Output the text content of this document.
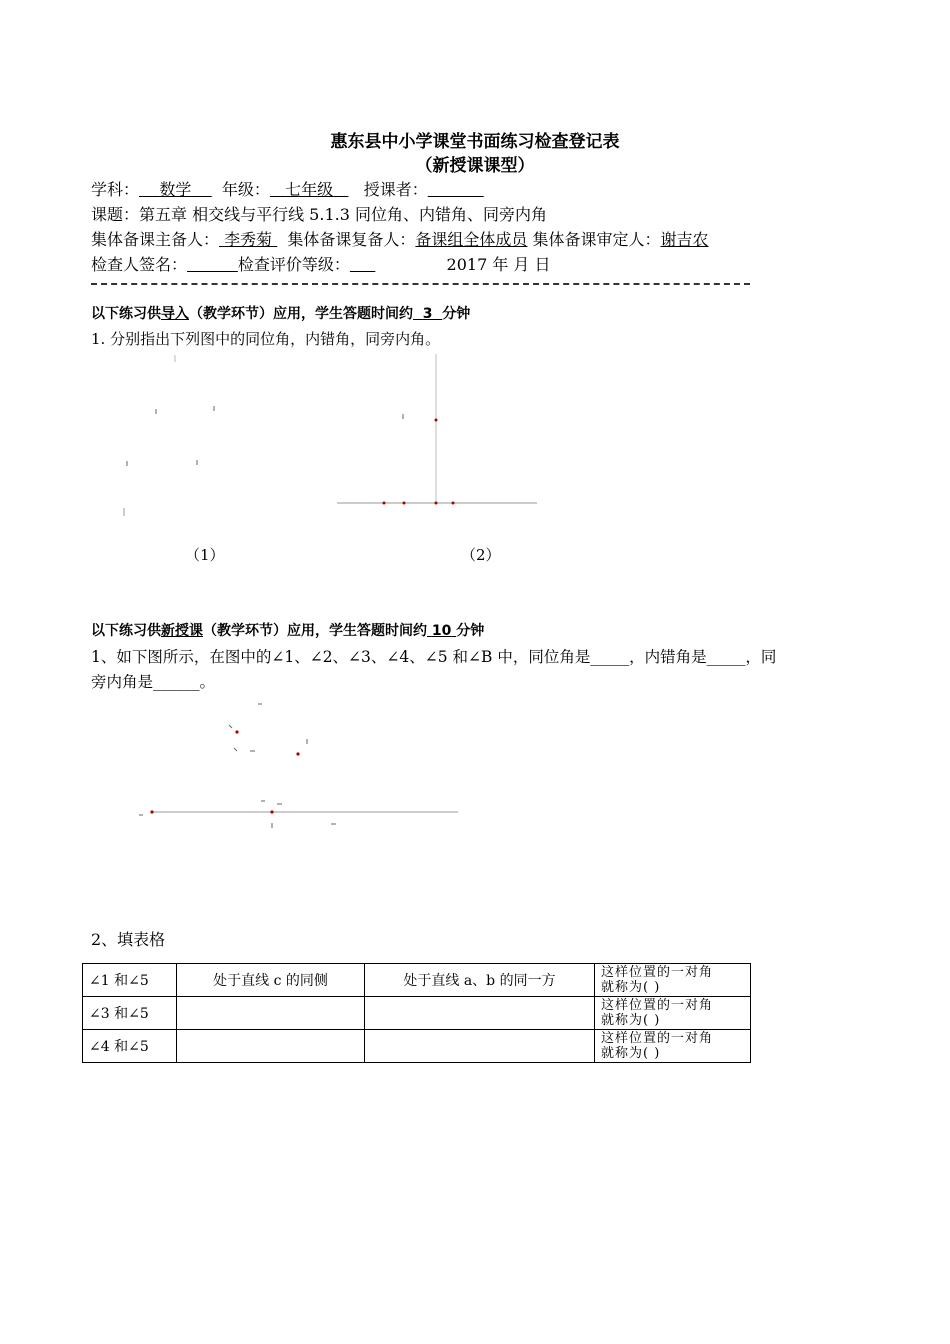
惠东县中小学课堂书面练习检查登记表
（新授课课型）
学科： 数学 年级： 七年级 授课者：
课题：第五章 相交线与平行线 5.1.3 同位角、内错角、同旁内角
集体备课主备人： 李秀菊 集体备课复备人：备课组全体成员 集体备课审定人：谢吉农
检查人签名：	检查评价等级：	2017 年 月 日
以下练习供导入（教学环节）应用，学生答题时间约 3 分钟
1. 分别指出下列图中的同位角，内错角，同旁内角。
（1）	（2）
以下练习供新授课（教学环节）应用，学生答题时间约 10 分钟
1、如下图所示，在图中的∠1、∠2、∠3、∠4、∠5 和∠B 中，同位角是_____，内错角是_____，同
旁内角是______。
2、填表格
∠1 和∠5	处于直线 c 的同侧	处于直线 a、b 的同一方	这样位置的一对角
就称为( )

∠3 和∠5			这样位置的一对角
就称为( )

∠4 和∠5			这样位置的一对角
就称为( )
